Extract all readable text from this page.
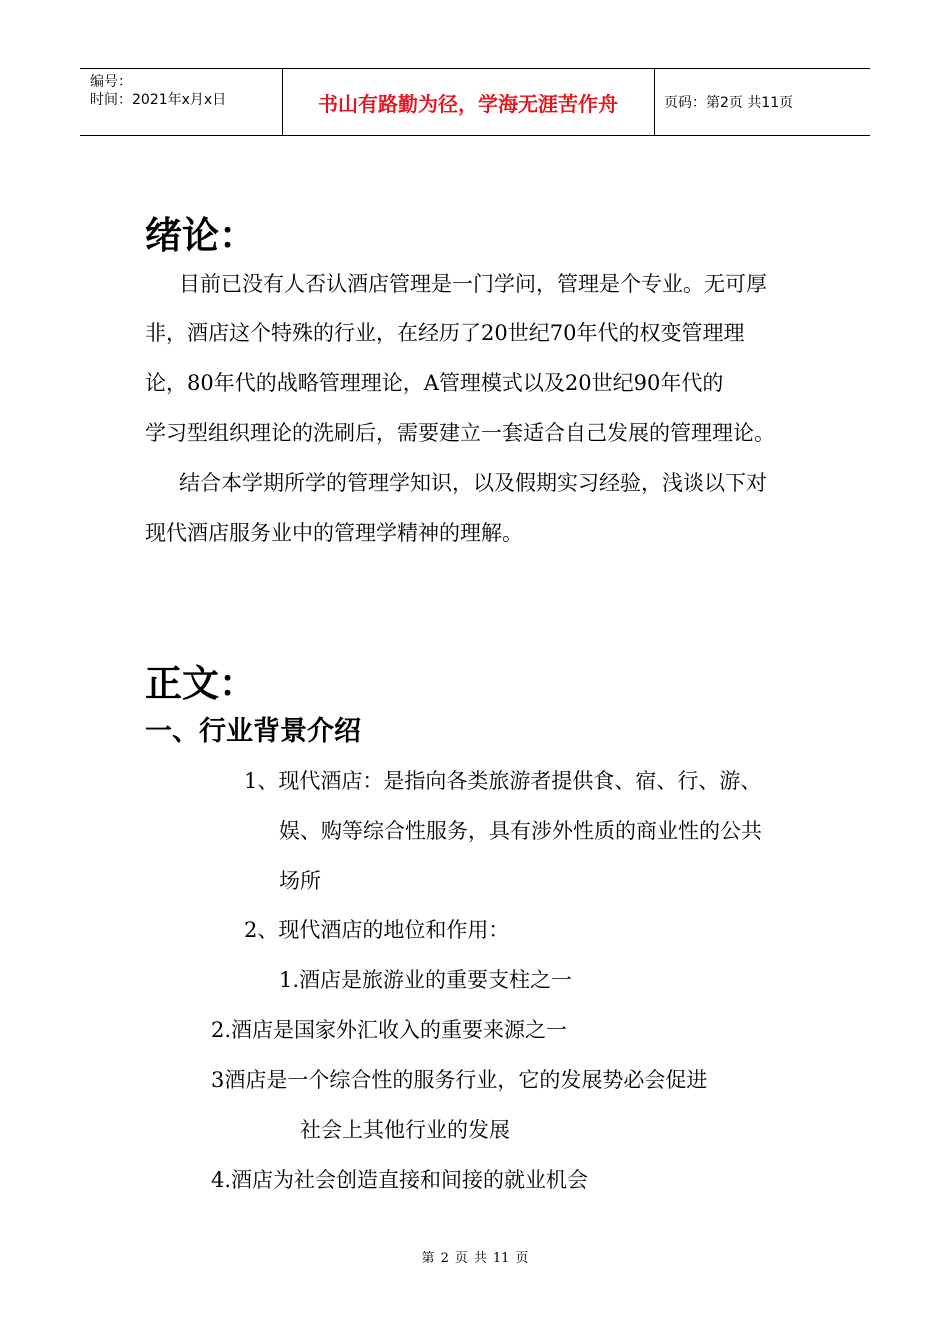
编号：
时间：2021年x月x日	书山有路勤为径，学海无涯苦作舟	页码：第2页 共11页
绪论：
目前已没有人否认酒店管理是一门学问，管理是个专业。无可厚
非，酒店这个特殊的行业，在经历了20世纪70年代的权变管理理
论，80年代的战略管理理论，A管理模式以及20世纪90年代的
学习型组织理论的洗刷后，需要建立一套适合自己发展的管理理论。
结合本学期所学的管理学知识，以及假期实习经验，浅谈以下对
现代酒店服务业中的管理学精神的理解。
正文：
一、行业背景介绍
1、现代酒店：是指向各类旅游者提供食、宿、行、游、
娱、购等综合性服务，具有涉外性质的商业性的公共
场所
2、现代酒店的地位和作用：
1.酒店是旅游业的重要支柱之一
2.酒店是国家外汇收入的重要来源之一
3酒店是一个综合性的服务行业，它的发展势必会促进
社会上其他行业的发展
4.酒店为社会创造直接和间接的就业机会
第 2 页 共 11 页
